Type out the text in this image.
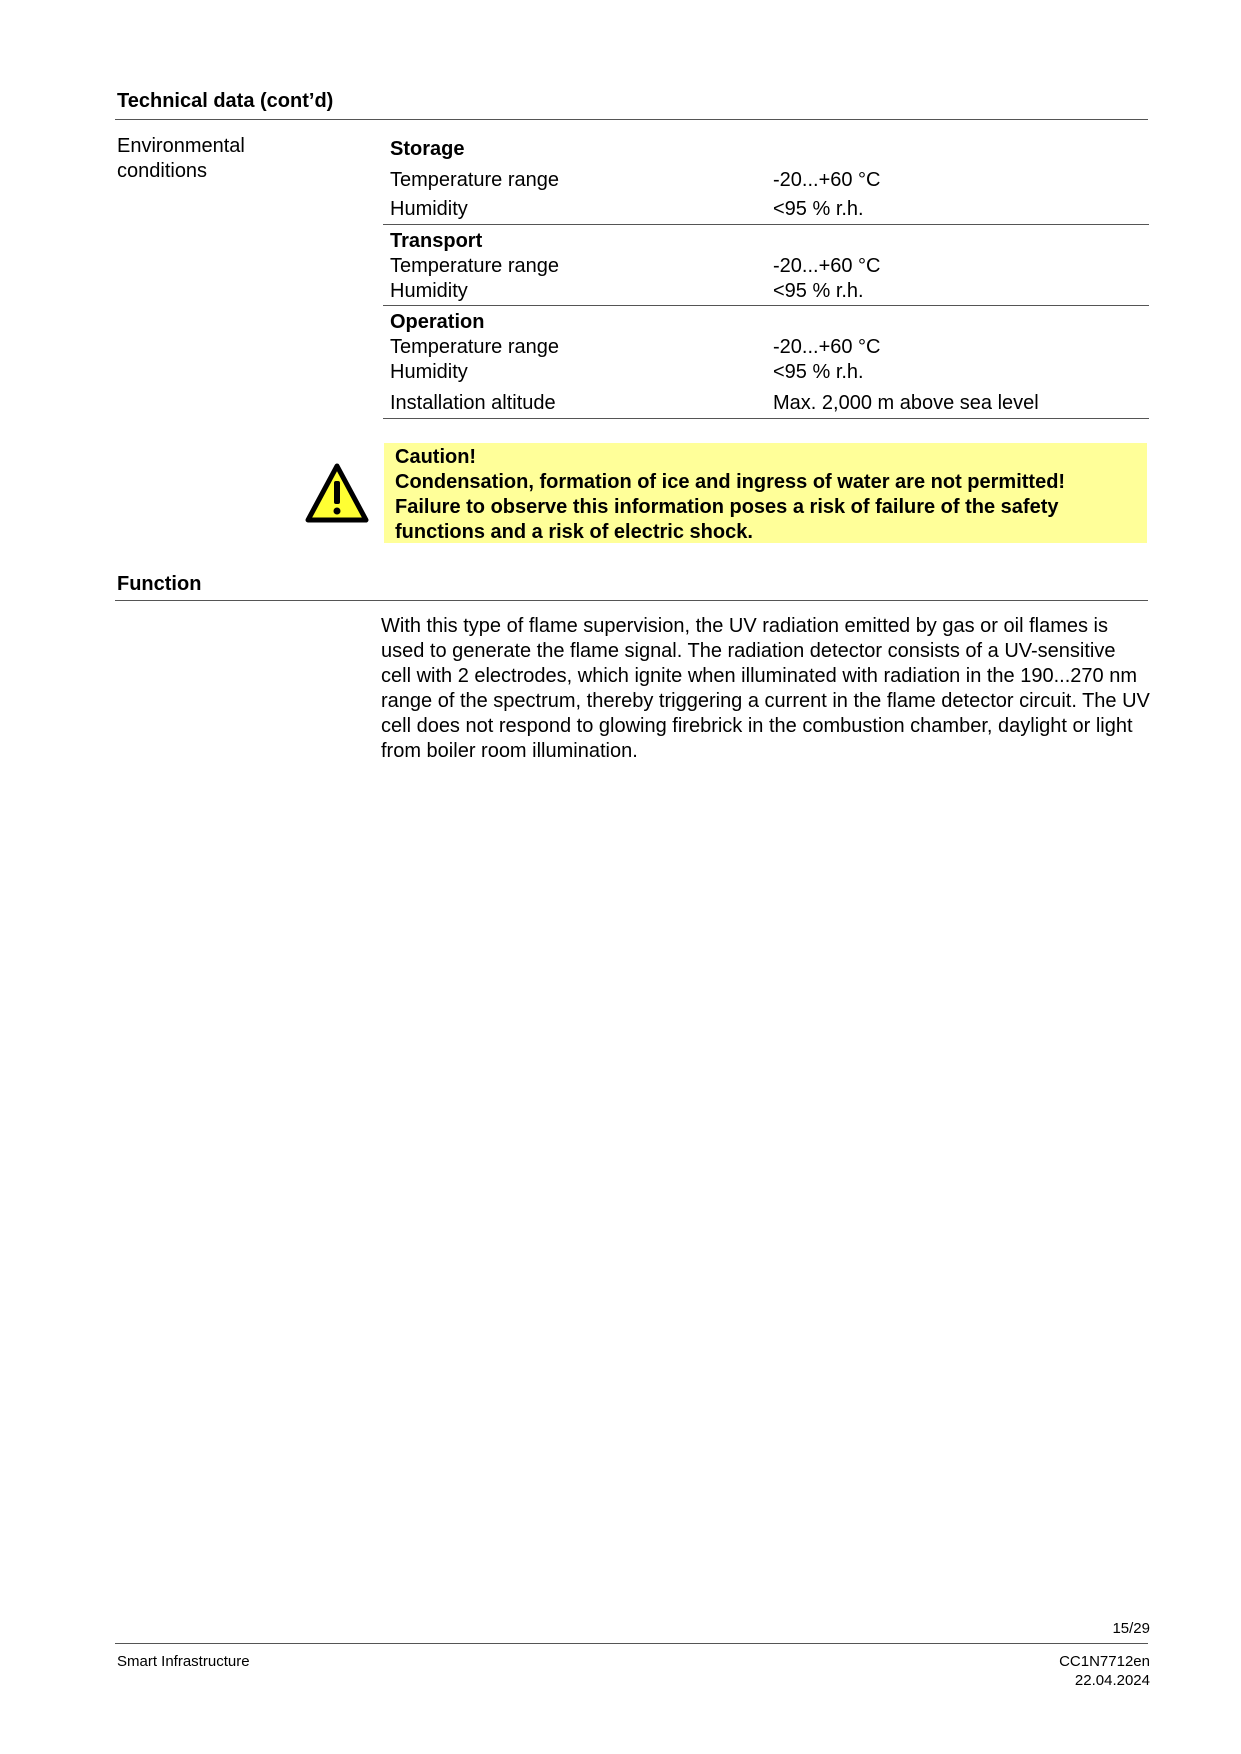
Technical data (cont’d)
Environmental conditions
Storage
Temperature range	-20...+60 °C
Humidity	<95 % r.h.
Transport
Temperature range	-20...+60 °C
Humidity	<95 % r.h.
Operation
Temperature range	-20...+60 °C
Humidity	<95 % r.h.
Installation altitude	Max. 2,000 m above sea level
Caution!
Condensation, formation of ice and ingress of water are not permitted!
Failure to observe this information poses a risk of failure of the safety functions and a risk of electric shock.
Function
With this type of flame supervision, the UV radiation emitted by gas or oil flames is used to generate the flame signal. The radiation detector consists of a UV-sensitive cell with 2 electrodes, which ignite when illuminated with radiation in the 190...270 nm range of the spectrum, thereby triggering a current in the flame detector circuit. The UV cell does not respond to glowing firebrick in the combustion chamber, daylight or light from boiler room illumination.
15/29
Smart Infrastructure	CC1N7712en
22.04.2024
